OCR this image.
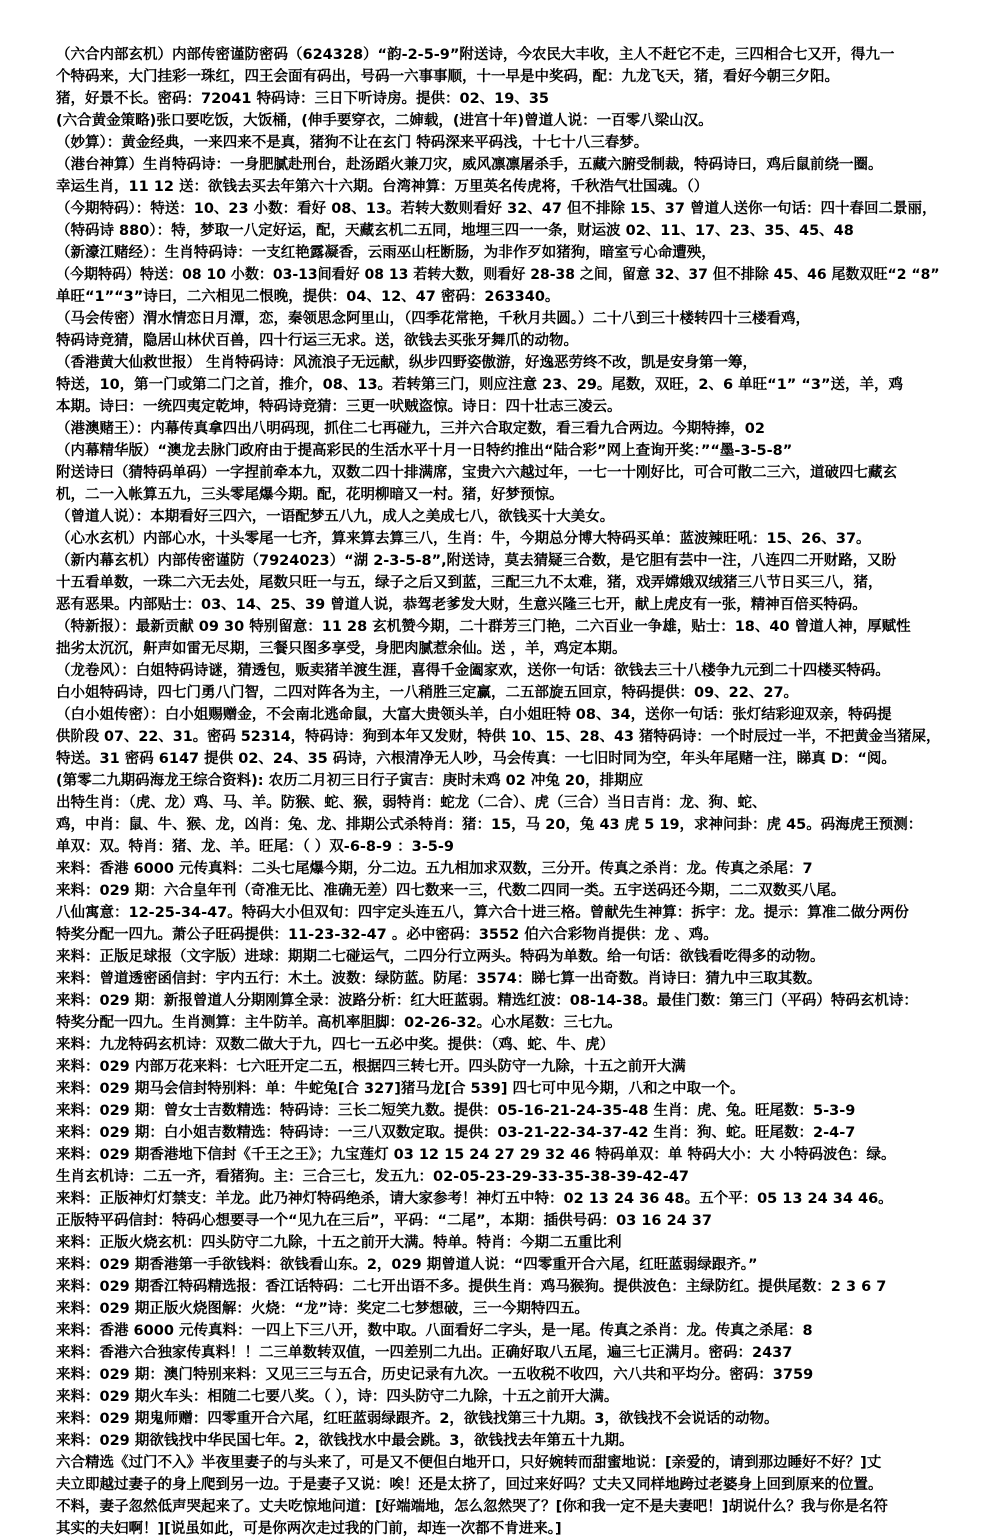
（六合内部玄机）内部传密谨防密码（624328）“韵-2-5-9”附送诗，今农民大丰收，主人不赶它不走，三四相合七又开，得九一
个特码来，大门挂彩一珠红，四王会面有码出，号码一六事事顺，十一早是中奖码，配：九龙飞天，猪，看好今朝三夕阳。
猪，好景不长。密码：72041 特码诗：三日下听诗房。提供：02、19、35
(六合黄金策略)张口要吃饭，大饭桶，(伸手要穿衣，二婶载，(进宫十年)曾道人说：一百零八梁山汉。
（妙算）：黄金经典，一来四来不是真，猪狗不让在玄门 特码深来平码浅，十七十八三春梦。
（港台神算）生肖特码诗：一身肥腻赴刑台，赴汤蹈火兼刀灾，威风凛凛屠杀手，五藏六腑受制裁，特码诗曰，鸡后鼠前绕一圈。
幸运生肖，11 12 送：欲钱去买去年第六十六期。台湾神算：万里英名传虎将，千秋浩气壮国魂。（）
（今期特码）：特送：10、23 小数：看好 08、13。若转大数则看好 32、47 但不排除 15、37 曾道人送你一句话：四十春回二景丽，
（特码诗 880）：特，梦取一八定好运，配，天藏玄机二五同，地埋三四一一条，财运波 02、11、17、23、35、45、48
（新濠江赌经）：生肖特码诗：一支红艳露凝香，云雨巫山枉断肠，为非作歹如猪狗，暗室亏心命遭殃，
（今期特码）特送：08 10 小数：03-13间看好 08 13 若转大数，则看好 28-38 之间，留意 32、37 但不排除 45、46 尾数双旺“2 “8”
单旺“1”“3”诗曰，二六相见二恨晚，提供：04、12、47 密码：263340。
（马会传密）渭水情恋日月潭，恋，秦领思念阿里山，（四季花常艳，千秋月共圆。）二十八到三十楼转四十三楼看鸡，
特码诗竞猜，隐居山林伏百兽，四十行运三无求。送，欲钱去买张牙舞爪的动物。
（香港黄大仙救世报） 生肖特码诗：风流浪子无远献，纵步四野姿傲游，好逸恶劳终不改，凯是安身第一筹，
特送，10，第一门或第二门之首，推介，08、13。若转第三门，则应注意 23、29。尾数，双旺，2、6 单旺“1” “3”送，羊，鸡
本期。诗曰：一统四夷定乾坤，特码诗竞猜：三更一吠贼盗惊。诗日：四十壮志三凌云。
（港澳赌王）：内幕传真拿四出八明码现，抓住二七再碰九，三并六合取定数，看三看九合两边。今期特捧，02
（内幕精华版）“澳龙去脉门政府由于提高彩民的生活水平十月一日特约推出“陆合彩”网上查询开奖：”“墨-3-5-8”
附送诗曰（猜特码单码）一字捏前牵本九，双数二四十排满席，宝贵六六越过年，一七一十刚好比，可合可散二三六，道破四七藏玄
机，二一入帐算五九，三头零尾爆今期。配，花明柳暗又一村。猪，好梦预惊。
（曾道人说）：本期看好三四六，一语配梦五八九，成人之美成七八，欲钱买十大美女。
（心水玄机）内部心水，十头零尾一七齐，算来算去算三八，生肖：牛，今期总分博大特码买单：蓝波辣旺吼：15、26、37。
（新内幕玄机）内部传密谨防（7924023）“湖 2-3-5-8”,附送诗，莫去猜疑三合数，是它胆有芸中一注，八连四二开财路，又盼
十五看单数，一珠二六无去处，尾数只旺一与五，绿子之后又到蓝，三配三九不太难，猪，戏弄嫦娥双绒猪三八节日买三八，猪，
恶有恶果。内部贴士：03、14、25、39 曾道人说，恭驾老爹发大财，生意兴隆三七开，献上虎皮有一张，精神百倍买特码。
（特新报）：最新贡献 09 30 特别留意：11 28 玄机赞今期，二十群芳三门艳，二六百业一争雄，贴士：18、40 曾道人神，厚赋性
拙劣太沉沉，鼾声如雷无尽期，三餐只图多享受，身肥肉腻惹余仙。送 ，羊，鸡定本期。
（龙卷风）：白姐特码诗谜，猜透包，贩卖猪羊渡生涯，喜得千金阖家欢，送你一句话：欲钱去三十八楼争九元到二十四楼买特码。
白小姐特码诗，四七门勇八门智，二四对阵各为主，一八稍胜三定赢，二五部旋五回京，特码提供：09、22、27。
（白小姐传密）：白小姐赐赠金，不会南北逃命鼠，大富大贵领头羊，白小姐旺特 08、34，送你一句话：张灯结彩迎双亲，特码提
供阶段 07、22、31。密码 52314，特码诗：狗到本年又发财，特供 10、15、28、43 猪特码诗：一个时辰过一半，不把黄金当猪屎，
特送。31 密码 6147 提供 02、24、35 码诗，六根清净无人吵，马会传真：一七旧时同为空，年头年尾赌一注，睇真 D：“阅。
(第零二九期码海龙王综合资料): 农历二月初三日行子寅吉：庚时未鸡 02 冲兔 20，排期应
出特生肖：（虎、龙）鸡、马、羊。防猴、蛇、猴，弱特肖：蛇龙（二合）、虎（三合）当日吉肖：龙、狗、蛇、
鸡，中肖：鼠、牛、猴、龙，凶肖：兔、龙、排期公式杀特肖：猪：15，马 20，兔 43 虎 5 19，求神问卦：虎 45。码海虎王预测：
单双：双。特肖：猪、龙、羊。旺尾：（ ）双-6-8-9 ：3-5-9
来料：香港 6000 元传真料：二头七尾爆今期，分二边。五九相加求双数，三分开。传真之杀肖：龙。传真之杀尾：7
来料：029 期：六合皇年刊（奇准无比、准确无差）四七数来一三，代数二四同一类。五宇送码还今期，二二双数买八尾。
八仙寓意：12-25-34-47。特码大小但双旬：四宇定头连五八，算六合十进三格。曾献先生神算：拆宇：龙。提示：算准二做分两份
特奖分配一四九。萧公子旺码提供：11-23-32-47 。必中密码：3552 伯六合彩物肖提供：龙 、鸡。
来料：正版足球报（文字版）进球：期期二七碰运气，二四分行立两头。特码为单数。给一句话：欲钱看吃得多的动物。
来料：曾道透密函信封：宇内五行：木土。波数：绿防蓝。防尾：3574：睇七算一出奇数。肖诗曰：猜九中三取其数。
来料：029 期：新报曾道人分期刚算全录：波路分析：红大旺蓝弱。精选红波：08-14-38。最佳门数：第三门（平码）特码玄机诗：
特奖分配一四九。生肖测算：主牛防羊。高机率胆脚：02-26-32。心水尾数：三七九。
来料：九龙特码玄机诗：双数二做大于九，四七一五必中奖。提供：（鸡、蛇、牛、虎）
来料：029 内部万花来料：七六旺开定二五，根据四三转七开。四头防守一九除，十五之前开大满
来料：029 期马会信封特别料：单：牛蛇兔[合 327]猪马龙[合 539] 四七可中见今期，八和之中取一个。
来料：029 期：曾女士吉数精选：特码诗：三长二短笑九数。提供：05-16-21-24-35-48 生肖：虎、兔。旺尾数：5-3-9
来料：029 期：白小姐吉数精选：特码诗：一三八双数定取。提供：03-21-22-34-37-42 生肖：狗、蛇。旺尾数：2-4-7
来料：029 期香港地下信封《千王之王》；九宝莲灯 03 12 15 24 27 29 32 46 特码单双：单 特码大小：大 小特码波色：绿。
生肖玄机诗：二五一齐，看猪狗。主：三合三七，发五九：02-05-23-29-33-35-38-39-42-47
来料：正版神灯灯禁支：羊龙。此乃神灯特码绝杀，请大家参考！神灯五中特：02 13 24 36 48。五个平：05 13 24 34 46。
正版特平码信封：特码心想要寻一个“见九在三后”，平码：“二尾”，本期：插供号码：03 16 24 37
来料：正版火烧玄机：四头防守二九除，十五之前开大满。特单。特肖：今期二五重比利
来料：029 期香港第一手欲钱料：欲钱看山东。2，029 期曾道人说：“四零重开合六尾，红旺蓝弱绿跟齐。”
来料：029 期香江特码精选报：香江话特码：二七开出语不多。提供生肖：鸡马猴狗。提供波色：主绿防红。提供尾数：2 3 6 7
来料：029 期正版火烧图解：火烧：“龙”诗：奖定二七梦想破，三一今期特四五。
来料：香港 6000 元传真料：一四上下三八开，数中取。八面看好二字头，是一尾。传真之杀肖：龙。传真之杀尾：8
来料：香港六合独家传真料！！二三单数转双值，一四差别二九出。正确好取八五尾，遍三七正满月。密码：2437
来料：029 期：澳门特别来料：又见三三与五合，历史记录有九次。一五收税不收四，六八共和平均分。密码：3759
来料：029 期火车头：相随二七要八奖。（ ），诗：四头防守二九除，十五之前开大满。
来料：029 期鬼师赠：四零重开合六尾，红旺蓝弱绿跟齐。2，欲钱找第三十九期。3，欲钱找不会说话的动物。
来料：029 期欲钱找中华民国七年。2，欲钱找水中最会跳。3，欲钱找去年第五十九期。
六合精选《过门不入》半夜里妻子的与头来了，可是又不便但白地开口，只好婉转而甜蜜地说：[亲爱的，请到那边睡好不好？]丈
夫立即越过妻子的身上爬到另一边。于是妻子又说：唉！还是太挤了，回过来好吗？丈夫又同样地跨过老婆身上回到原来的位置。
不料，妻子忽然低声哭起来了。丈夫吃惊地问道：[好端端地，怎么忽然哭了？[你和我一定不是夫妻吧！]胡说什么？我与你是名符
其实的夫妇啊！][说虽如此，可是你两次走过我的门前，却连一次都不肯进来。]
